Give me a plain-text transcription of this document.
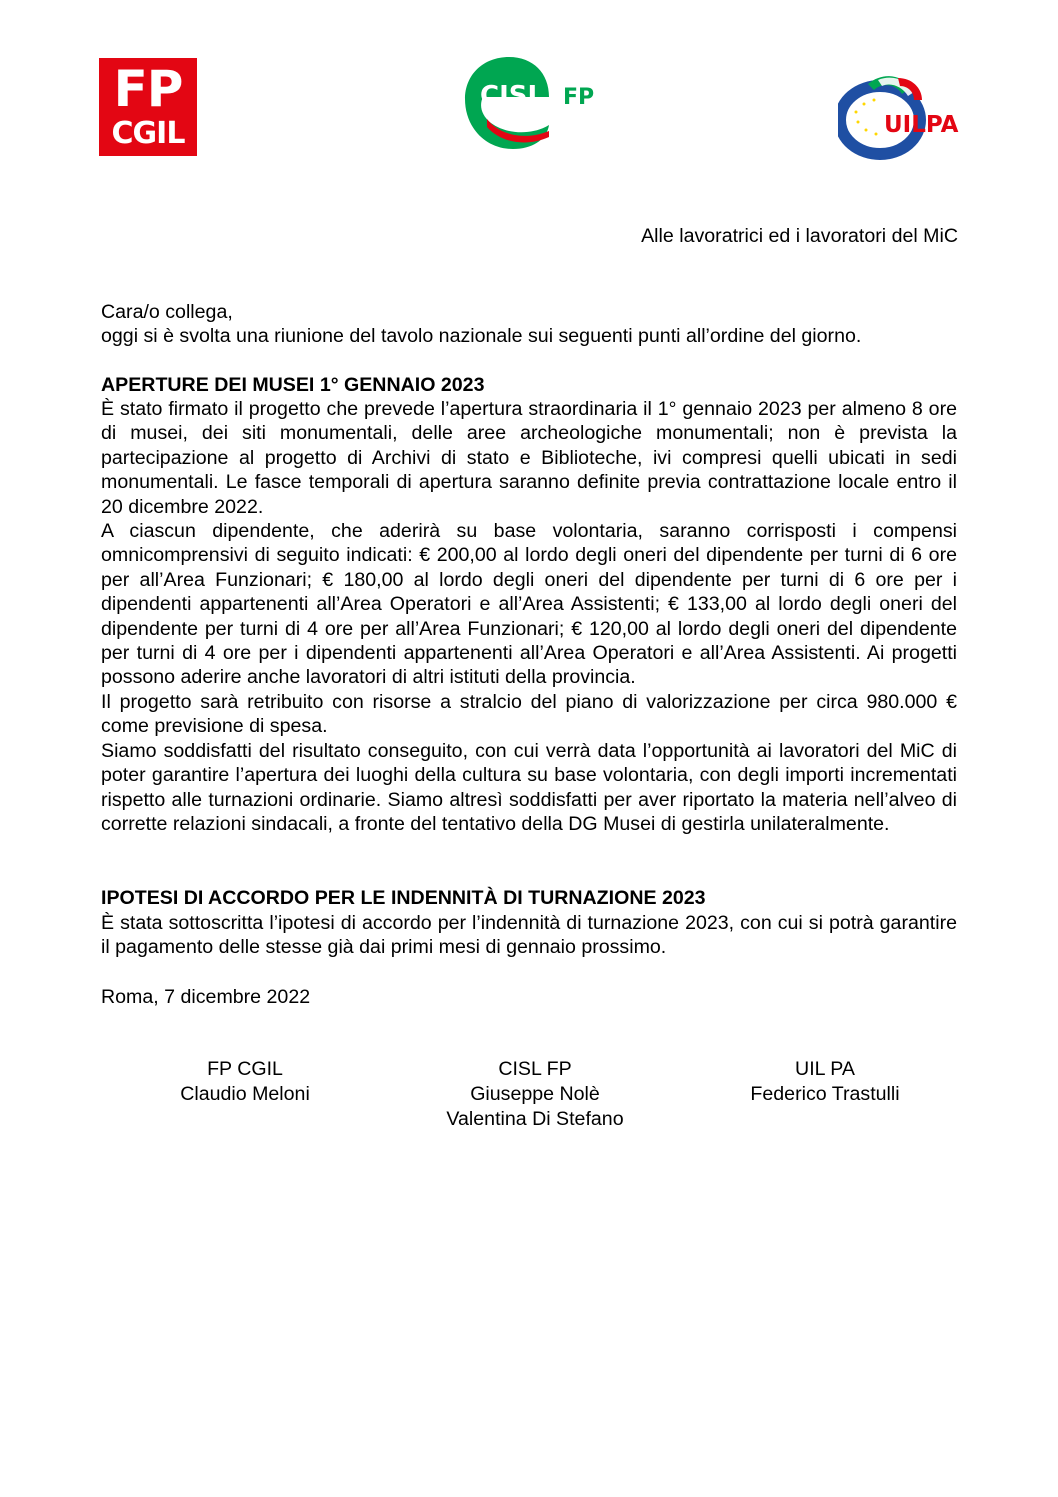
FP
CGIL
CISL FP
UILPA
Alle lavoratrici ed i lavoratori del MiC
Cara/o collega,
oggi si è svolta una riunione del tavolo nazionale sui seguenti punti all’ordine del giorno.
APERTURE DEI MUSEI 1° GENNAIO 2023

È stato firmato il progetto che prevede l’apertura straordinaria il 1° gennaio 2023 per almeno 8 ore di musei, dei siti monumentali, delle aree archeologiche monumentali; non è prevista la partecipazione al progetto di Archivi di stato e Biblioteche, ivi compresi quelli ubicati in sedi monumentali. Le fasce temporali di apertura saranno definite previa contrattazione locale entro il 20 dicembre 2022.

A ciascun dipendente, che aderirà su base volontaria, saranno corrisposti i compensi omnicomprensivi di seguito indicati: € 200,00 al lordo degli oneri del dipendente per turni di 6 ore per all’Area Funzionari; € 180,00 al lordo degli oneri del dipendente per turni di 6 ore per i dipendenti appartenenti all’Area Operatori e all’Area Assistenti; € 133,00 al lordo degli oneri del dipendente per turni di 4 ore per all’Area Funzionari; € 120,00 al lordo degli oneri del dipendente per turni di 4 ore per i dipendenti appartenenti all’Area Operatori e all’Area Assistenti. Ai progetti possono aderire anche lavoratori di altri istituti della provincia.

Il progetto sarà retribuito con risorse a stralcio del piano di valorizzazione per circa 980.000 € come previsione di spesa.

Siamo soddisfatti del risultato conseguito, con cui verrà data l’opportunità ai lavoratori del MiC di poter garantire l’apertura dei luoghi della cultura su base volontaria, con degli importi incrementati rispetto alle turnazioni ordinarie. Siamo altresì soddisfatti per aver riportato la materia nell’alveo di corrette relazioni sindacali, a fronte del tentativo della DG Musei di gestirla unilateralmente.

IPOTESI DI ACCORDO PER LE INDENNITÀ DI TURNAZIONE 2023
È stata sottoscritta l’ipotesi di accordo per l’indennità di turnazione 2023, con cui si potrà garantire il pagamento delle stesse già dai primi mesi di gennaio prossimo.
Roma, 7 dicembre 2022
FP CGIL
Claudio Meloni
CISL FP
Giuseppe Nolè
Valentina Di Stefano
UIL PA
Federico Trastulli
